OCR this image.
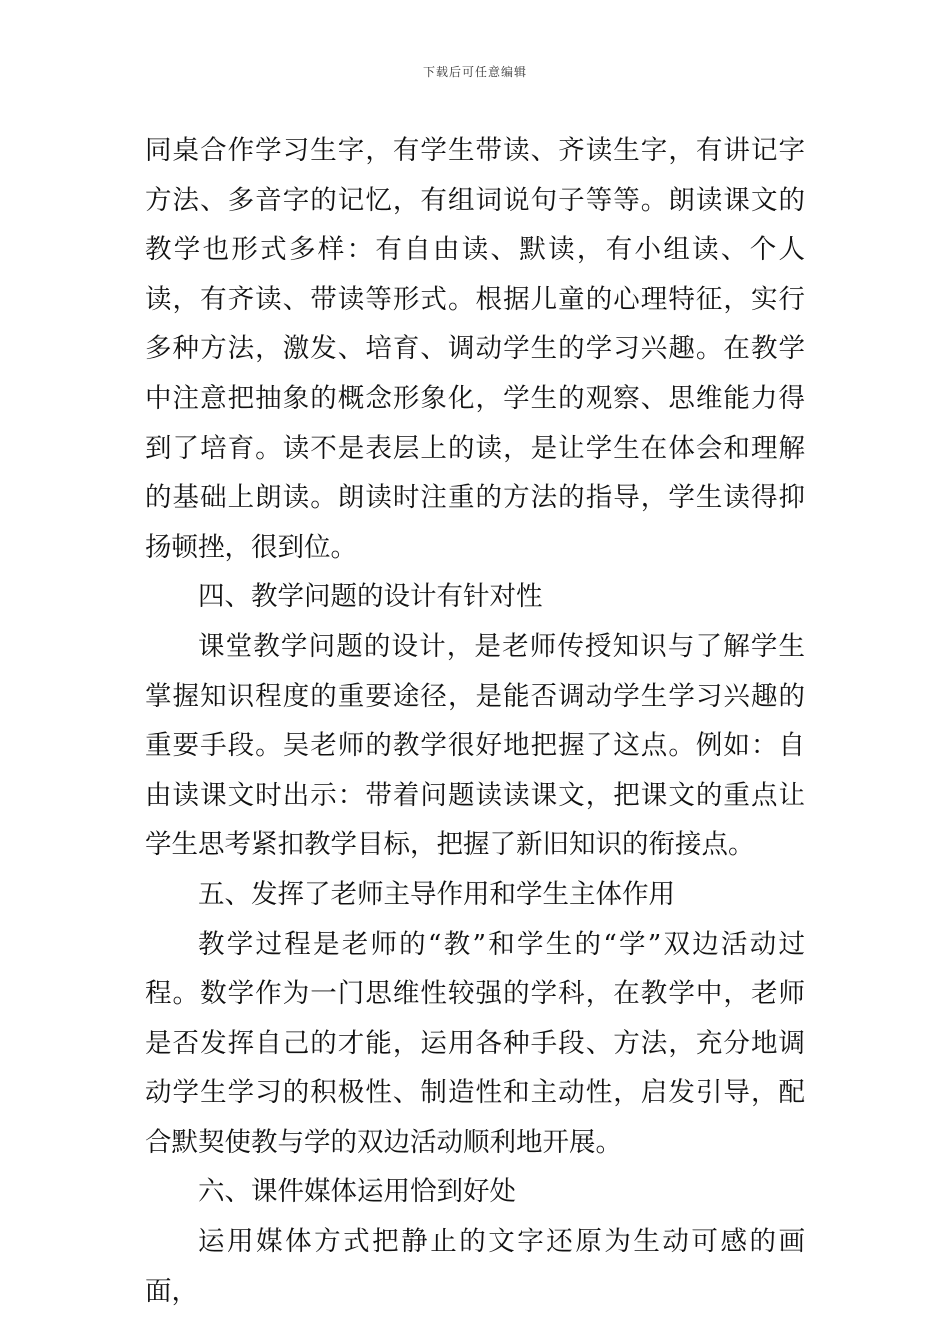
下载后可任意编辑

同桌合作学习生字，有学生带读、齐读生字，有讲记字方法、多音字的记忆，有组词说句子等等。朗读课文的教学也形式多样：有自由读、默读，有小组读、个人读，有齐读、带读等形式。根据儿童的心理特征，实行多种方法，激发、培育、调动学生的学习兴趣。在教学中注意把抽象的概念形象化，学生的观察、思维能力得到了培育。读不是表层上的读，是让学生在体会和理解的基础上朗读。朗读时注重的方法的指导，学生读得抑扬顿挫，很到位。

四、教学问题的设计有针对性

课堂教学问题的设计，是老师传授知识与了解学生掌握知识程度的重要途径，是能否调动学生学习兴趣的重要手段。吴老师的教学很好地把握了这点。例如：自由读课文时出示：带着问题读读课文，把课文的重点让学生思考紧扣教学目标，把握了新旧知识的衔接点。

五、发挥了老师主导作用和学生主体作用

教学过程是老师的“教”和学生的“学”双边活动过程。数学作为一门思维性较强的学科，在教学中，老师是否发挥自己的才能，运用各种手段、方法，充分地调动学生学习的积极性、制造性和主动性，启发引导，配合默契使教与学的双边活动顺利地开展。

六、课件媒体运用恰到好处

运用媒体方式把静止的文字还原为生动可感的画面，
